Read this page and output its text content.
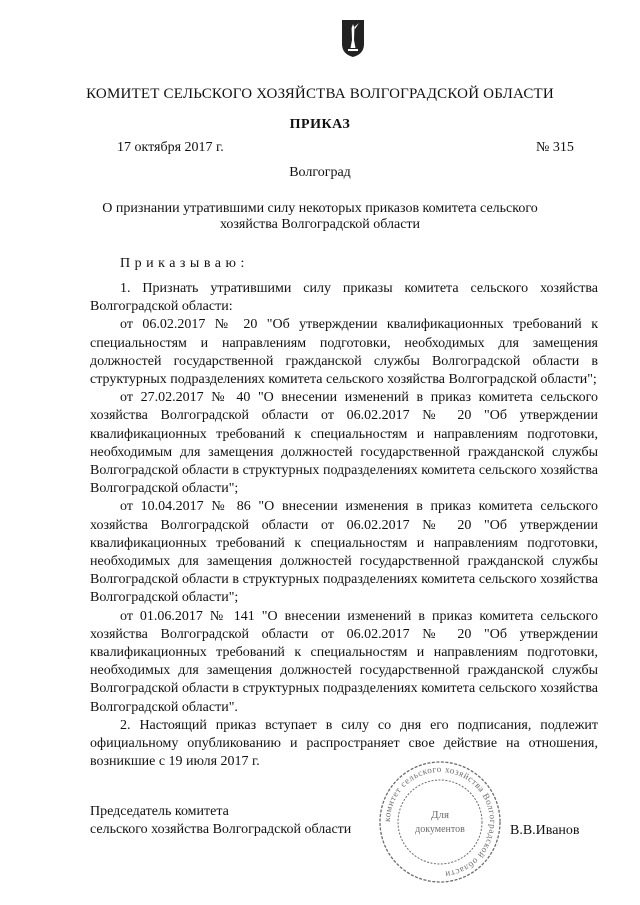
КОМИТЕТ СЕЛЬСКОГО ХОЗЯЙСТВА ВОЛГОГРАДСКОЙ ОБЛАСТИ
ПРИКАЗ
17 октября 2017 г.	№ 315
Волгоград
О признании утратившими силу некоторых приказов комитета сельского хозяйства Волгоградской области
Приказываю:

1. Признать утратившими силу приказы комитета сельского хозяйства Волгоградской области:

от 06.02.2017 № 20 "Об утверждении квалификационных требований к специальностям и направлениям подготовки, необходимых для замещения должностей государственной гражданской службы Волгоградской области в структурных подразделениях комитета сельского хозяйства Волгоградской области";

от 27.02.2017 № 40 "О внесении изменений в приказ комитета сельского хозяйства Волгоградской области от 06.02.2017 № 20 "Об утверждении квалификационных требований к специальностям и направлениям подготовки, необходимым для замещения должностей государственной гражданской службы Волгоградской области в структурных подразделениях комитета сельского хозяйства Волгоградской области";

от 10.04.2017 № 86 "О внесении изменения в приказ комитета сельского хозяйства Волгоградской области от 06.02.2017 № 20 "Об утверждении квалификационных требований к специальностям и направлениям подготовки, необходимых для замещения должностей государственной гражданской службы Волгоградской области в структурных подразделениях комитета сельского хозяйства Волгоградской области";

от 01.06.2017 № 141 "О внесении изменений в приказ комитета сельского хозяйства Волгоградской области от 06.02.2017 № 20 "Об утверждении квалификационных требований к специальностям и направлениям подготовки, необходимых для замещения должностей государственной гражданской службы Волгоградской области в структурных подразделениях комитета сельского хозяйства Волгоградской области".

2. Настоящий приказ вступает в силу со дня его подписания, подлежит официальному опубликованию и распространяет свое действие на отношения, возникшие с 19 июля 2017 г.

Председатель комитета
сельского хозяйства Волгоградской области	В.В.Иванов
комитет сельского хозяйства Волгоградской области
Для
документов
